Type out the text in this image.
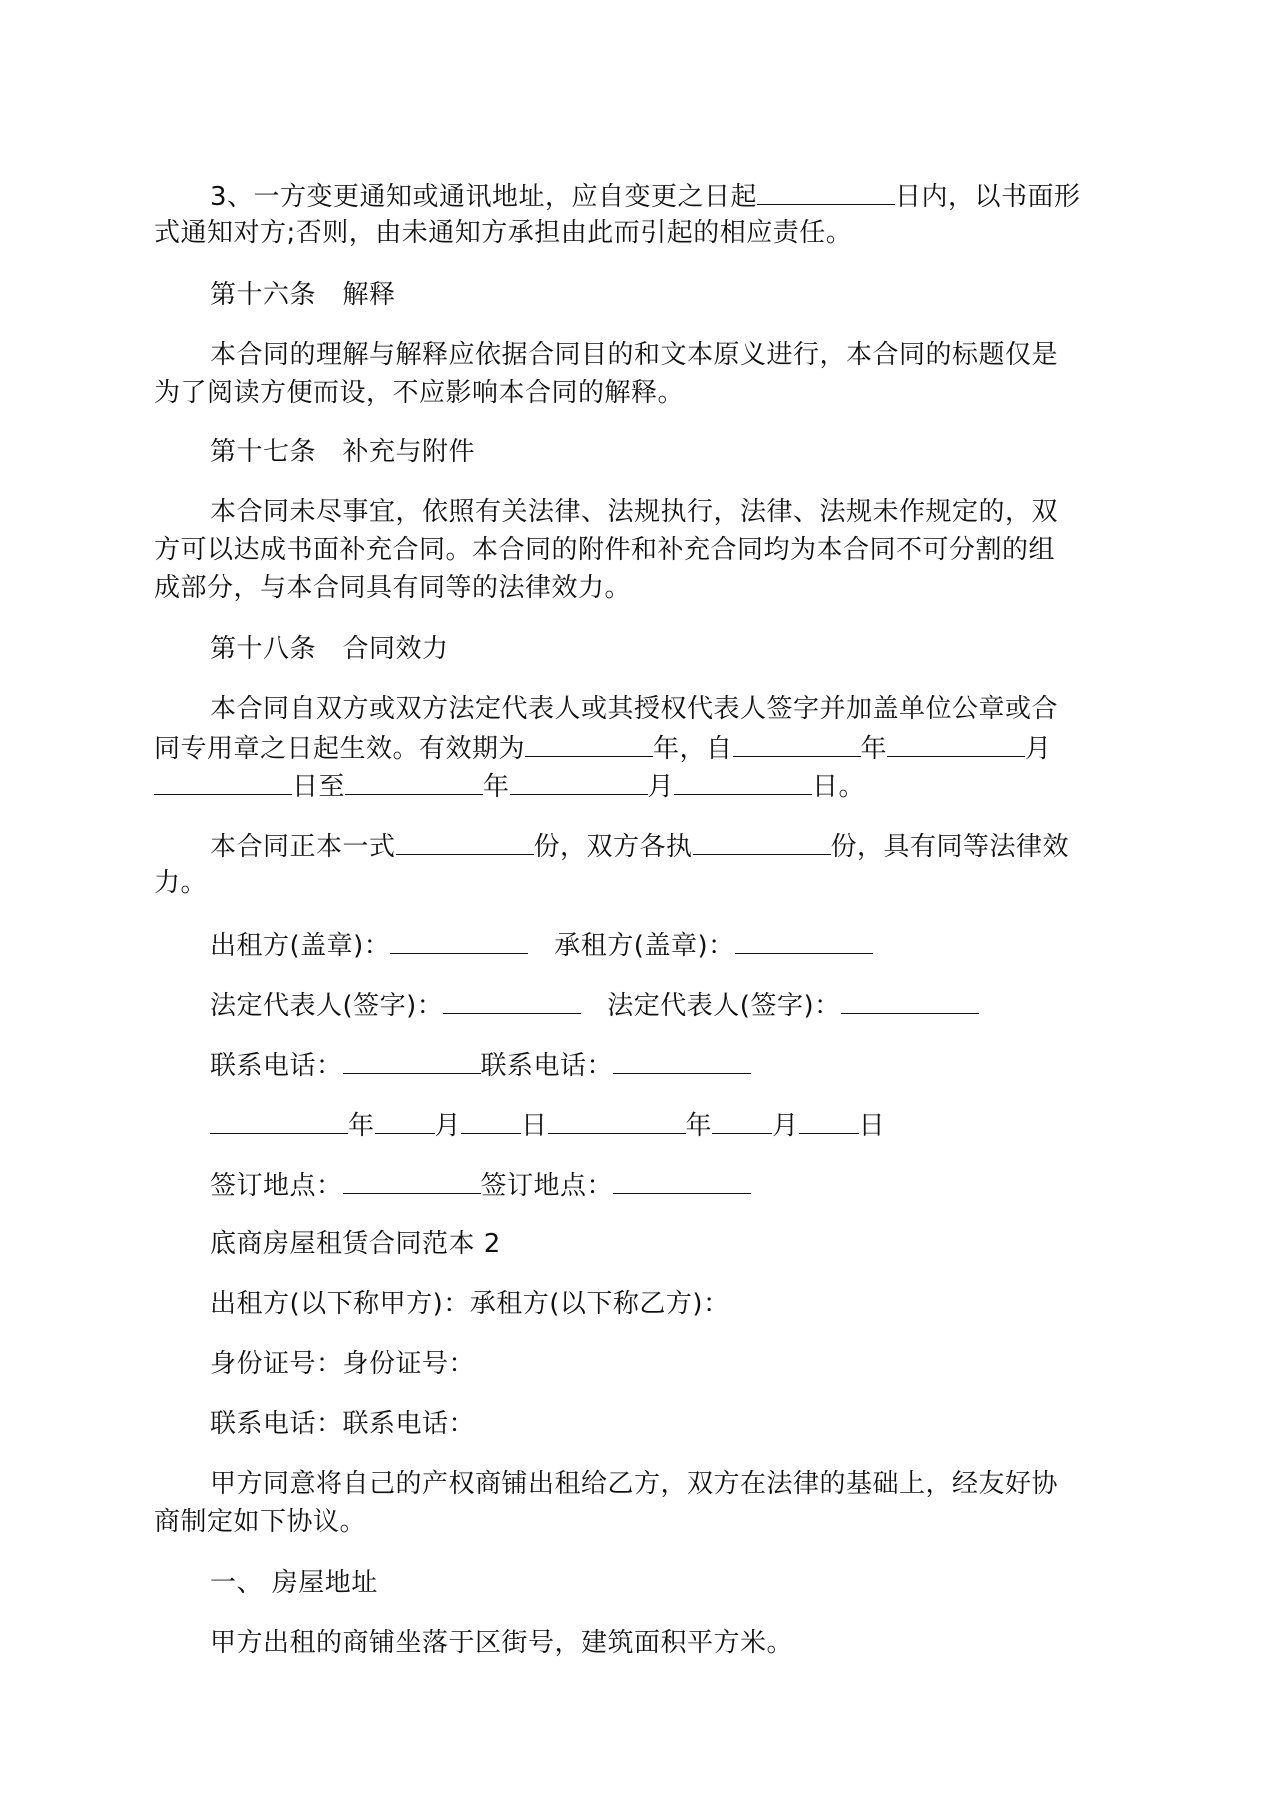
3、一方变更通知或通讯地址，应自变更之日起	日内，以书面形
式通知对方;否则，由未通知方承担由此而引起的相应责任。
第十六条　解释
本合同的理解与解释应依据合同目的和文本原义进行，本合同的标题仅是
为了阅读方便而设，不应影响本合同的解释。
第十七条　补充与附件
本合同未尽事宜，依照有关法律、法规执行，法律、法规未作规定的，双
方可以达成书面补充合同。本合同的附件和补充合同均为本合同不可分割的组
成部分，与本合同具有同等的法律效力。
第十八条　合同效力
本合同自双方或双方法定代表人或其授权代表人签字并加盖单位公章或合
同专用章之日起生效。有效期为	年，自	年	月
日至	年	月	日。
本合同正本一式	份，双方各执	份，具有同等法律效
力。
出租方(盖章)：	承租方(盖章)：
法定代表人(签字)：	法定代表人(签字)：
联系电话：	联系电话：
年 月 日	年 月 日
签订地点：	签订地点：
底商房屋租赁合同范本 2
出租方(以下称甲方)：承租方(以下称乙方)：
身份证号：身份证号：
联系电话：联系电话：
甲方同意将自己的产权商铺出租给乙方，双方在法律的基础上，经友好协
商制定如下协议。
一、 房屋地址
甲方出租的商铺坐落于区街号，建筑面积平方米。
